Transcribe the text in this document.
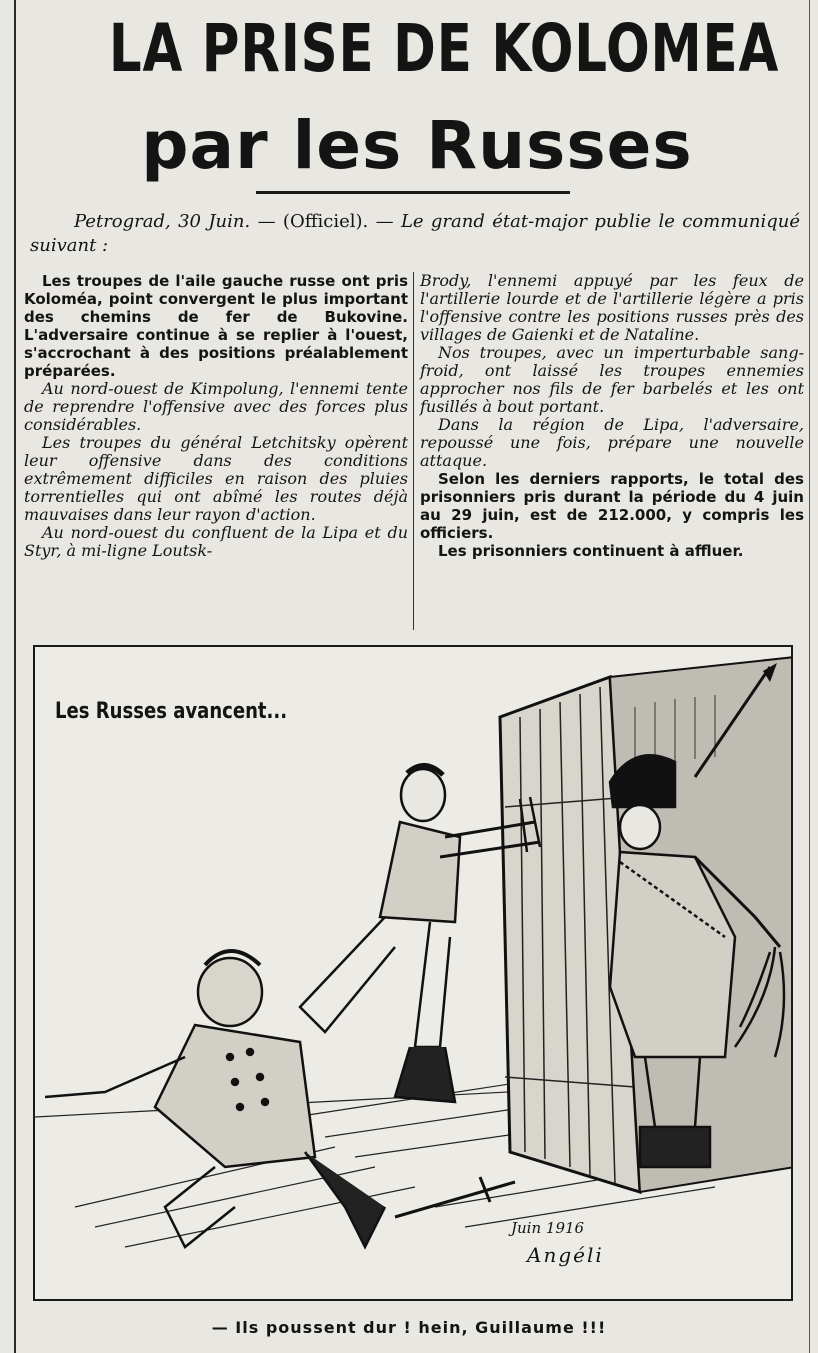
LA PRISE DE KOLOMEA
par les Russes
Petrograd, 30 Juin. — (Officiel). — Le grand état-major publie le communiqué suivant :

Les troupes de l'aile gauche russe ont pris Koloméa, point convergent le plus important des chemins de fer de Bukovine. L'adversaire continue à se replier à l'ouest, s'accrochant à des positions préalablement préparées.

Au nord-ouest de Kimpolung, l'ennemi tente de reprendre l'offensive avec des forces plus considérables.

Les troupes du général Letchitsky opèrent leur offensive dans des conditions extrêmement difficiles en raison des pluies torrentielles qui ont abîmé les routes déjà mauvaises dans leur rayon d'action.

Au nord-ouest du confluent de la Lipa et du Styr, à mi-ligne Loutsk-

Brody, l'ennemi appuyé par les feux de l'artillerie lourde et de l'artillerie légère a pris l'offensive contre les positions russes près des villages de Gaienki et de Nataline.

Nos troupes, avec un imperturbable sang-froid, ont laissé les troupes ennemies approcher nos fils de fer barbelés et les ont fusillés à bout portant.

Dans la région de Lipa, l'adversaire, repoussé une fois, prépare une nouvelle attaque.

Selon les derniers rapports, le total des prisonniers pris durant la période du 4 juin au 29 juin, est de 212.000, y compris les officiers.

Les prisonniers continuent à affluer.

Les Russes avancent...
Juin 1916
Angéli
— Ils poussent dur ! hein, Guillaume !!!
